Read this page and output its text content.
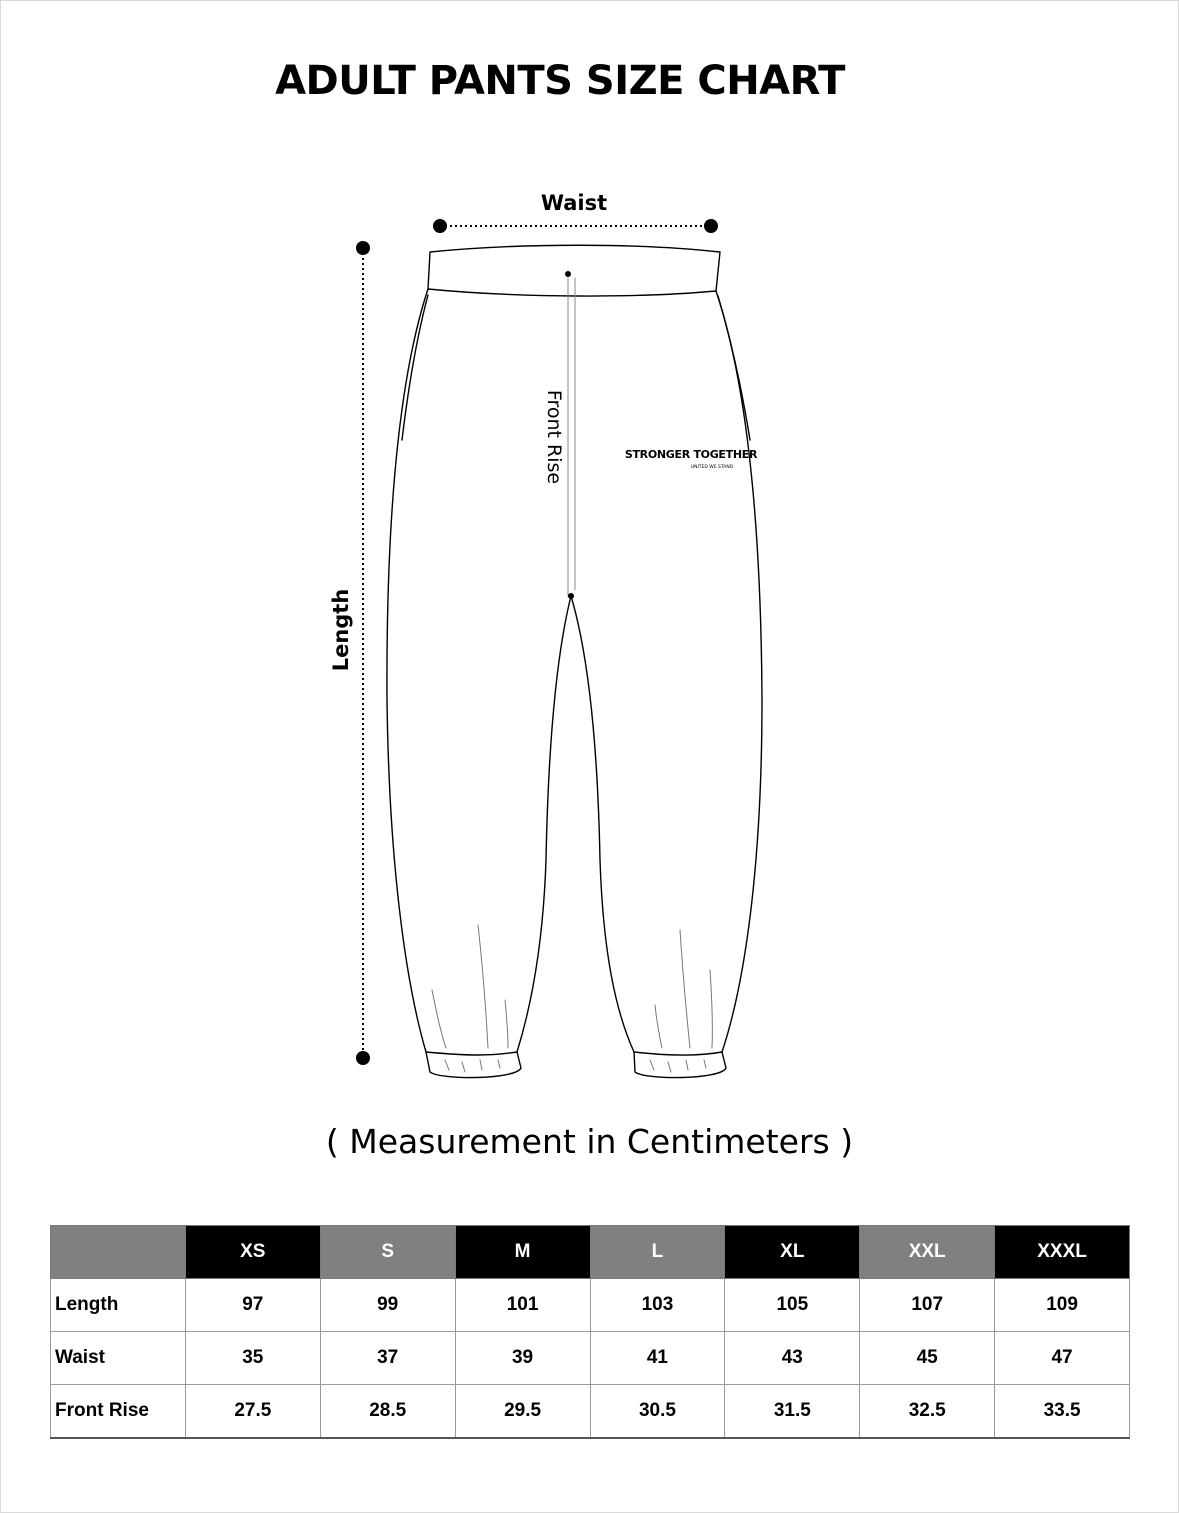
ADULT PANTS SIZE CHART
Waist
Length
Front Rise	STRONGER TOGETHER
UNITED WE STAND
( Measurement in Centimeters )
	XS	S	M	L	XL	XXL	XXXL
Length	97	99	101	103	105	107	109
Waist	35	37	39	41	43	45	47
Front Rise	27.5	28.5	29.5	30.5	31.5	32.5	33.5
